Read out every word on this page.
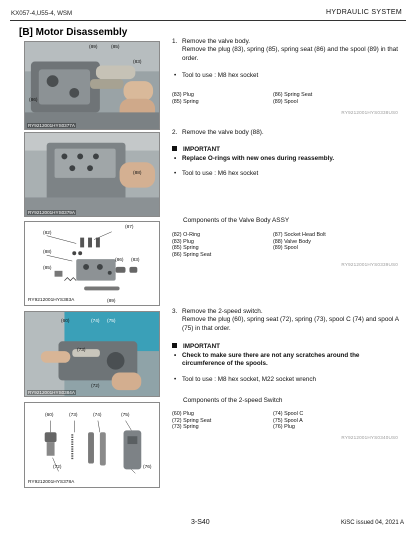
KX057-4,U55-4, WSM	HYDRAULIC SYSTEM
[B] Motor Disassembly
(89)	(85)
(83)
(86)
RY9212001HYS0377A
(88)
RY9212001HYS0379A
(82)
(87)
(88)
(86) (83)
(85)
(89)
RY9212001HYS383A
(60)	(74) (75)
(73)
(72)
RY9212001HYS0384A
(60)	(73)	(74)	(75)
(72)	(76)
RY9212001HYS378A
1. Remove the valve body.
Remove the plug (83), spring (85), spring seat (86) and the spool (89) in that order.
• Tool to use : M8 hex socket
(83) Plug
(85) Spring
(86) Spring Seat
(89) Spool
RY9212001HYS0338US0
2. Remove the valve body (88).
IMPORTANT
• Replace O-rings with new ones during reassembly.
• Tool to use : M6 hex socket
Components of the Valve Body ASSY
(82) O-Ring
(83) Plug
(85) Spring
(86) Spring Seat
(87) Socket Head Bolt
(88) Valve Body
(89) Spool
RY9212001HYS0339US0
3. Remove the 2-speed switch.
Remove the plug (60), spring seat (72), spring (73), spool C (74) and spool A (75) in that order.
IMPORTANT
• Check to make sure there are not any scratches around the circumference of the spools.
• Tool to use : M8 hex socket, M22 socket wrench
Components of the 2-speed Switch
(60) Plug
(72) Spring Seat
(73) Spring
(74) Spool C
(75) Spool A
(76) Plug
RY9212001HYS0340US0
3-S40	KiSC issued 04, 2021 A
